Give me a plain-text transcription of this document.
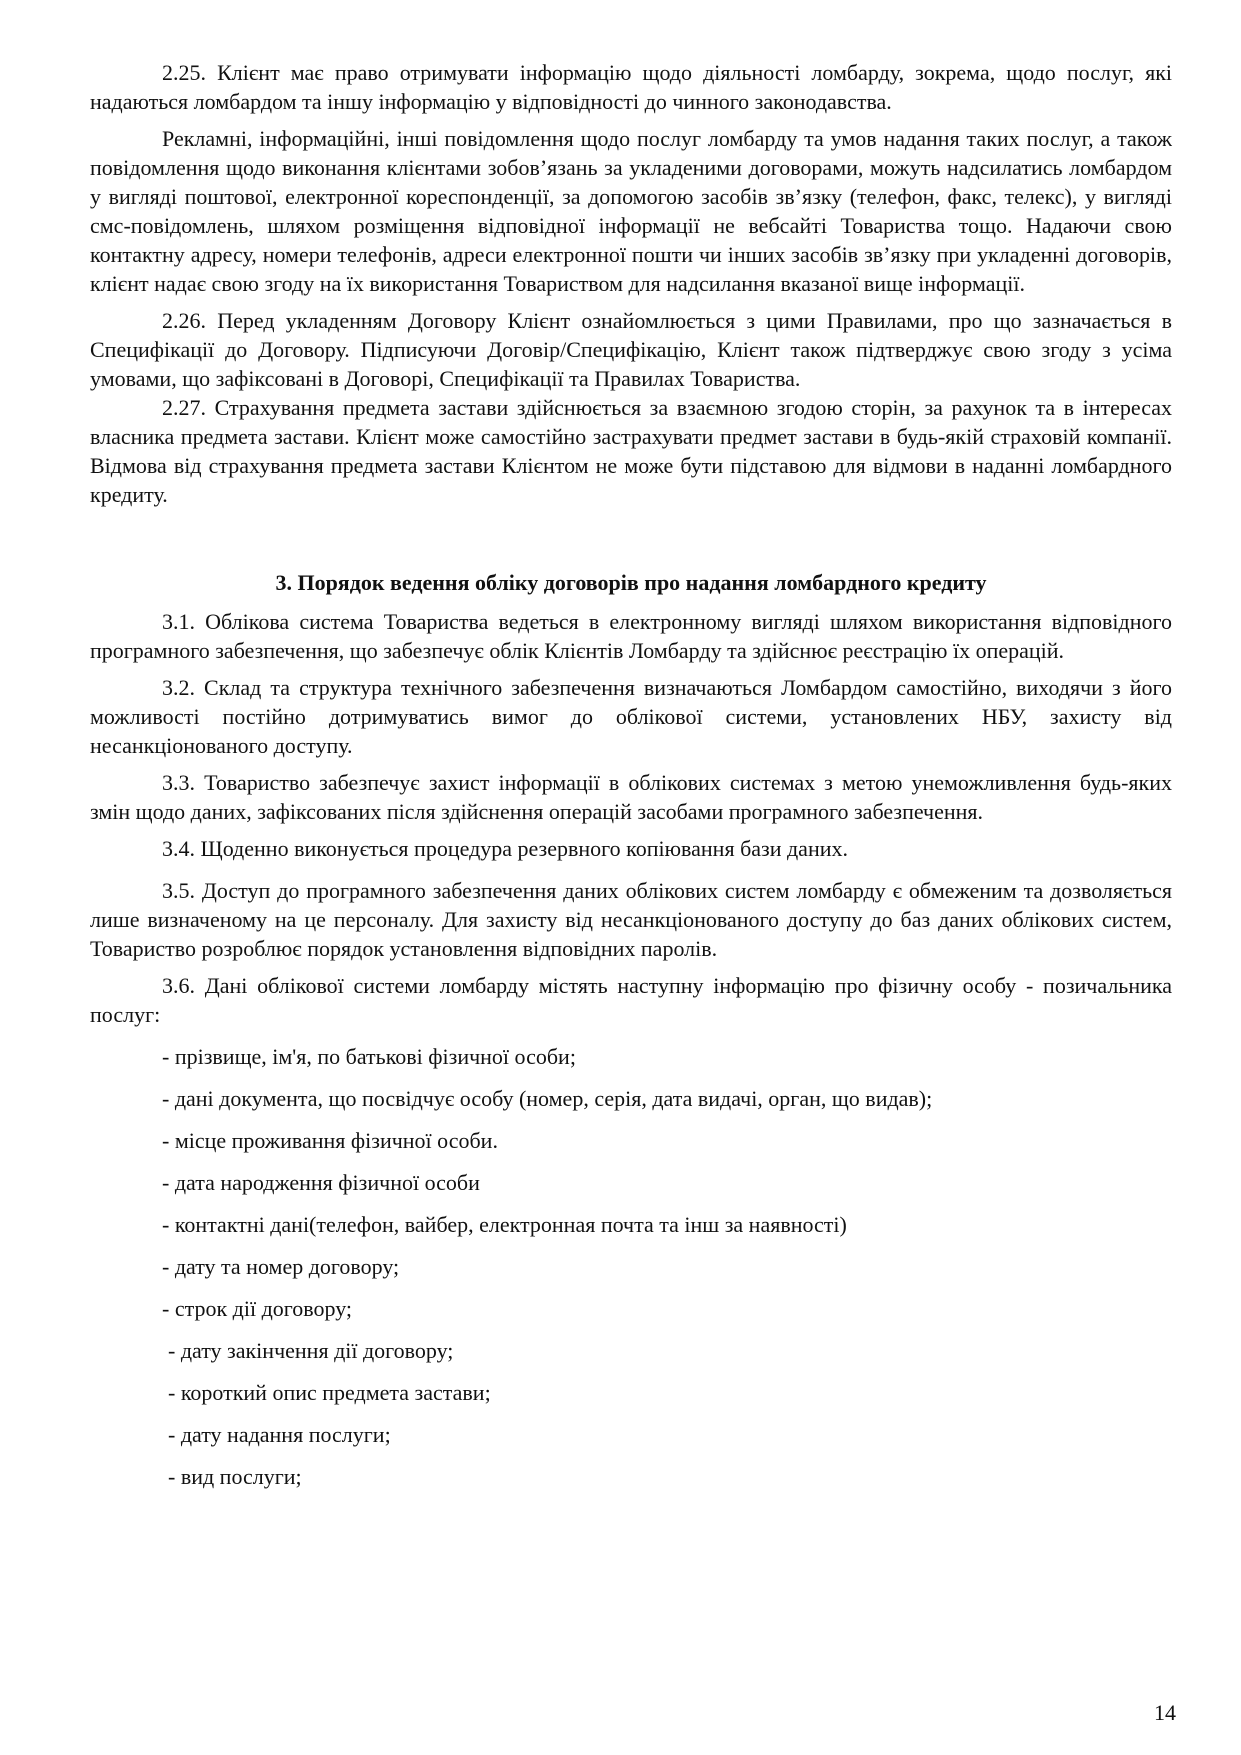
2.25. Клієнт має право отримувати інформацію щодо діяльності ломбарду, зокрема, щодо послуг, які надаються ломбардом та іншу інформацію у відповідності до чинного законодавства.

Рекламні, інформаційні, інші повідомлення щодо послуг ломбарду та умов надання таких послуг, а також повідомлення щодо виконання клієнтами зобов’язань за укладеними договорами, можуть надсилатись ломбардом у вигляді поштової, електронної кореспонденції, за допомогою засобів зв’язку (телефон, факс, телекс), у вигляді смс-повідомлень, шляхом розміщення відповідної інформації не вебсайті Товариства тощо. Надаючи свою контактну адресу, номери телефонів, адреси електронної пошти чи інших засобів зв’язку при укладенні договорів, клієнт надає свою згоду на їх використання Товариством для надсилання вказаної вище інформації.

2.26. Перед укладенням Договору Клієнт ознайомлюється з цими Правилами, про що зазначається в Специфікації до Договору. Підписуючи Договір/Специфікацію, Клієнт також підтверджує свою згоду з усіма умовами, що зафіксовані в Договорі, Специфікації та Правилах Товариства.

2.27. Страхування предмета застави здійснюється за взаємною згодою сторін, за рахунок та в інтересах власника предмета застави. Клієнт може самостійно застрахувати предмет застави в будь-якій страховій компанії. Відмова від страхування предмета застави Клієнтом не може бути підставою для відмови в наданні ломбардного кредиту.

3. Порядок ведення обліку договорів про надання ломбардного кредиту

3.1. Облікова система Товариства ведеться в електронному вигляді шляхом використання відповідного програмного забезпечення, що забезпечує облік Клієнтів Ломбарду та здійснює реєстрацію їх операцій.

3.2. Склад та структура технічного забезпечення визначаються Ломбардом самостійно, виходячи з його можливості постійно дотримуватись вимог до облікової системи, установлених НБУ, захисту від несанкціонованого доступу.

3.3. Товариство забезпечує захист інформації в облікових системах з метою унеможливлення будь-яких змін щодо даних, зафіксованих після здійснення операцій засобами програмного забезпечення.

3.4. Щоденно виконується процедура резервного копіювання бази даних.

3.5. Доступ до програмного забезпечення даних облікових систем ломбарду є обмеженим та дозволяється лише визначеному на це персоналу. Для захисту від несанкціонованого доступу до баз даних облікових систем, Товариство розроблює порядок установлення відповідних паролів.

3.6. Дані облікової системи ломбарду містять наступну інформацію про фізичну особу - позичальника послуг:

- прізвище, ім'я, по батькові фізичної особи;
- дані документа, що посвідчує особу (номер, серія, дата видачі, орган, що видав);
- місце проживання фізичної особи.
- дата народження фізичної особи
- контактні дані(телефон, вайбер, електронная почта та інш за наявності)
- дату та номер договору;
- строк дії договору;
- дату закінчення дії договору;
- короткий опис предмета застави;
- дату надання послуги;
- вид послуги;
14
